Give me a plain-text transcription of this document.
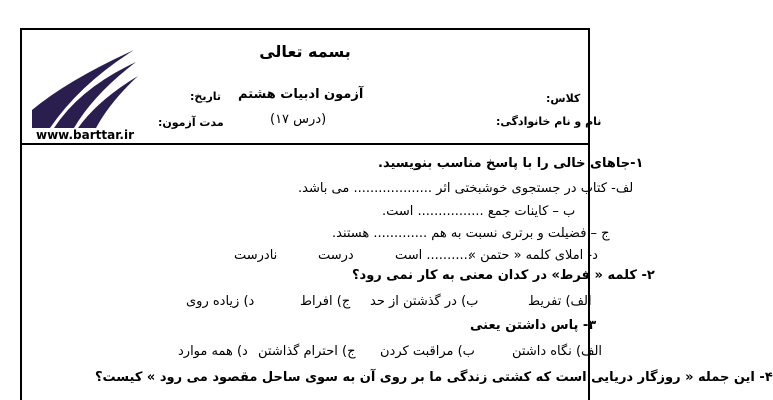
www.barttar.ir
بسمه تعالی
آزمون ادبیات هشتم
(درس ۱۷)
تاریخ:
مدت آزمون:
کلاس:
نام و نام خانوادگی:
۱-جاهای خالی را با پاسخ مناسب بنویسید.
لف- کتاب در جستجوی خوشبختی اثر ................... می باشد.
ب – کاینات جمع ................ است.
ج – فضیلت و برتری نسبت به هم ............. هستند.
د- املای کلمه « حتمن »
........... است
درست
نادرست
۲- کلمه « فرط» در کدان معنی به کار نمی رود؟
الف) تفریط
ب) در گذشتن از حد
ج) افراط
د) زیاده روی
۳- پاس داشتن یعنی
الف) نگاه داشتن
ب) مراقبت کردن
ج) احترام گذاشتن
د) همه موارد
۴- این جمله « روزگار دریایی است که کشتی زندگی ما بر روی آن به سوی ساحل مقصود می رود » کیست؟
